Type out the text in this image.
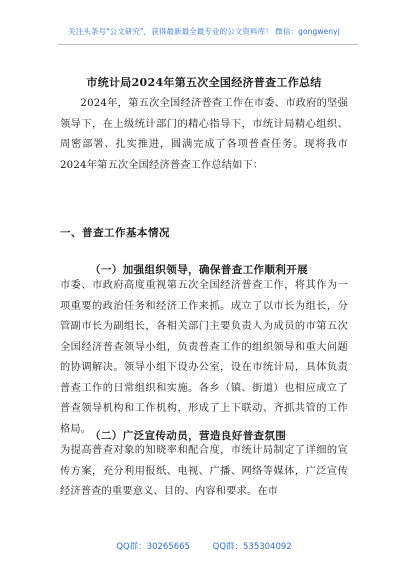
关注头条号"公文研究"，获得最新最全最专业的公文资料库！ 微信：gongwenyj
市统计局2024年第五次全国经济普查工作总结

2024年，第五次全国经济普查工作在市委、市政府的坚强领导下，在上级统计部门的精心指导下，市统计局精心组织、周密部署、扎实推进，圆满完成了各项普查任务。现将我市2024年第五次全国经济普查工作总结如下：

一、普查工作基本情况
（一）加强组织领导，确保普查工作顺利开展

市委、市政府高度重视第五次全国经济普查工作，将其作为一项重要的政治任务和经济工作来抓。成立了以市长为组长，分管副市长为副组长，各相关部门主要负责人为成员的市第五次全国经济普查领导小组，负责普查工作的组织领导和重大问题的协调解决。领导小组下设办公室，设在市统计局，具体负责普查工作的日常组织和实施。各乡（镇、街道）也相应成立了普查领导机构和工作机构，形成了上下联动、齐抓共管的工作格局。

（二）广泛宣传动员，营造良好普查氛围

为提高普查对象的知晓率和配合度，市统计局制定了详细的宣传方案，充分利用报纸、电视、广播、网络等媒体，广泛宣传经济普查的重要意义、目的、内容和要求。在市

QQ群：30265665	QQ群：535304092
